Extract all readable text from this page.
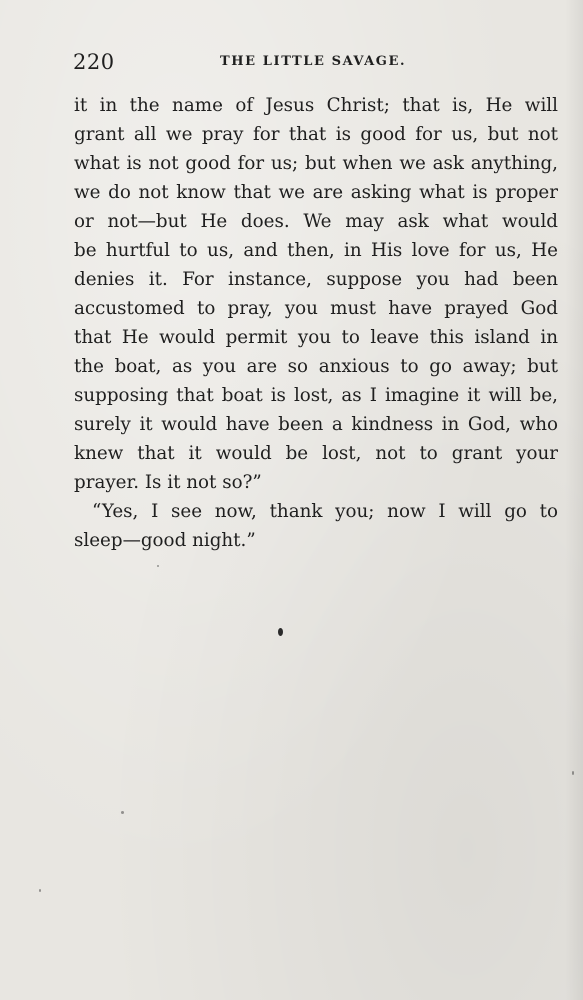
220	THE LITTLE SAVAGE.
it in the name of Jesus Christ; that is, He will
grant all we pray for that is good for us, but not
what is not good for us; but when we ask anything,
we do not know that we are asking what is proper
or not—but He does. We may ask what would
be hurtful to us, and then, in His love for us, He
denies it. For instance, suppose you had been
accustomed to pray, you must have prayed God
that He would permit you to leave this island in
the boat, as you are so anxious to go away; but
supposing that boat is lost, as I imagine it will be,
surely it would have been a kindness in God, who
knew that it would be lost, not to grant your
prayer. Is it not so?”
“Yes, I see now, thank you; now I will go to
sleep—good night.”
